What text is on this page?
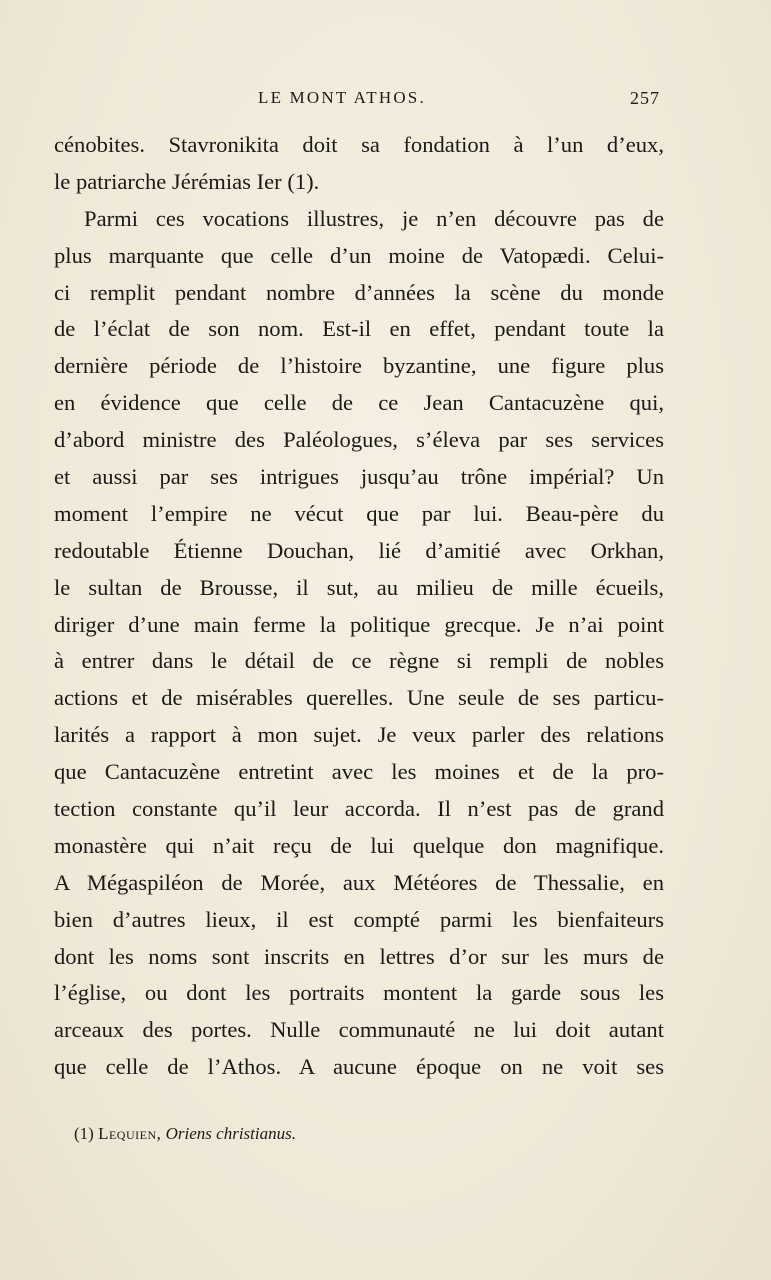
LE MONT ATHOS.	257
cénobites. Stavronikita doit sa fondation à l’un d’eux,
le patriarche Jérémias Ier (1).
Parmi ces vocations illustres, je n’en découvre pas de
plus marquante que celle d’un moine de Vatopædi. Celui-
ci remplit pendant nombre d’années la scène du monde
de l’éclat de son nom. Est-il en effet, pendant toute la
dernière période de l’histoire byzantine, une figure plus
en évidence que celle de ce Jean Cantacuzène qui,
d’abord ministre des Paléologues, s’éleva par ses services
et aussi par ses intrigues jusqu’au trône impérial? Un
moment l’empire ne vécut que par lui. Beau-père du
redoutable Étienne Douchan, lié d’amitié avec Orkhan,
le sultan de Brousse, il sut, au milieu de mille écueils,
diriger d’une main ferme la politique grecque. Je n’ai point
à entrer dans le détail de ce règne si rempli de nobles
actions et de misérables querelles. Une seule de ses particu-
larités a rapport à mon sujet. Je veux parler des relations
que Cantacuzène entretint avec les moines et de la pro-
tection constante qu’il leur accorda. Il n’est pas de grand
monastère qui n’ait reçu de lui quelque don magnifique.
A Mégaspiléon de Morée, aux Météores de Thessalie, en
bien d’autres lieux, il est compté parmi les bienfaiteurs
dont les noms sont inscrits en lettres d’or sur les murs de
l’église, ou dont les portraits montent la garde sous les
arceaux des portes. Nulle communauté ne lui doit autant
que celle de l’Athos. A aucune époque on ne voit ses
(1) Lequien, Oriens christianus.
